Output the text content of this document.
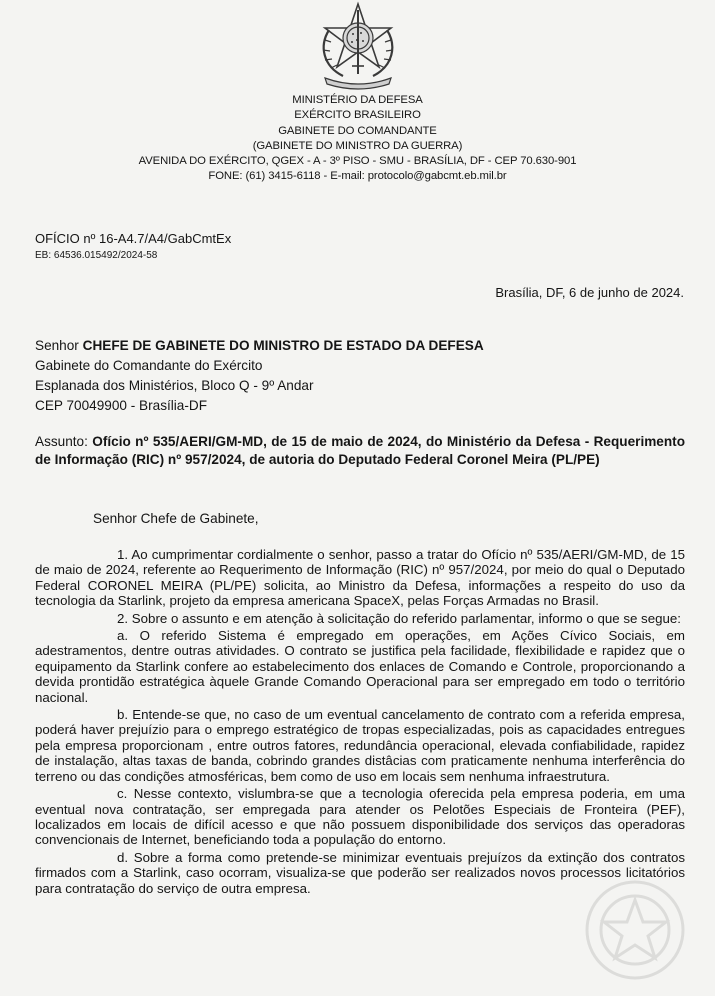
MINISTÉRIO DA DEFESA
EXÉRCITO BRASILEIRO
GABINETE DO COMANDANTE
(GABINETE DO MINISTRO DA GUERRA)
AVENIDA DO EXÉRCITO, QGEX - A - 3º PISO - SMU - BRASÍLIA, DF - CEP 70.630-901
FONE: (61) 3415-6118 - E-mail: protocolo@gabcmt.eb.mil.br
OFÍCIO nº 16-A4.7/A4/GabCmtEx
EB: 64536.015492/2024-58
Brasília, DF, 6 de junho de 2024.
Senhor CHEFE DE GABINETE DO MINISTRO DE ESTADO DA DEFESA
Gabinete do Comandante do Exército
Esplanada dos Ministérios, Bloco Q - 9º Andar
CEP 70049900 - Brasília-DF
Assunto: Ofício nº 535/AERI/GM-MD, de 15 de maio de 2024, do Ministério da Defesa - Requerimento de Informação (RIC) nº 957/2024, de autoria do Deputado Federal Coronel Meira (PL/PE)
Senhor Chefe de Gabinete,

1. Ao cumprimentar cordialmente o senhor, passo a tratar do Ofício nº 535/AERI/GM-MD, de 15 de maio de 2024, referente ao Requerimento de Informação (RIC) nº 957/2024, por meio do qual o Deputado Federal CORONEL MEIRA (PL/PE) solicita, ao Ministro da Defesa, informações a respeito do uso da tecnologia da Starlink, projeto da empresa americana SpaceX, pelas Forças Armadas no Brasil.

2. Sobre o assunto e em atenção à solicitação do referido parlamentar, informo o que se segue:

a. O referido Sistema é empregado em operações, em Ações Cívico Sociais, em adestramentos, dentre outras atividades. O contrato se justifica pela facilidade, flexibilidade e rapidez que o equipamento da Starlink confere ao estabelecimento dos enlaces de Comando e Controle, proporcionando a devida prontidão estratégica àquele Grande Comando Operacional para ser empregado em todo o território nacional.

b. Entende-se que, no caso de um eventual cancelamento de contrato com a referida empresa, poderá haver prejuízio para o emprego estratégico de tropas especializadas, pois as capacidades entregues pela empresa proporcionam , entre outros fatores, redundância operacional, elevada confiabilidade, rapidez de instalação, altas taxas de banda, cobrindo grandes distâcias com praticamente nenhuma interferência do terreno ou das condições atmosféricas, bem como de uso em locais sem nenhuma infraestrutura.

c. Nesse contexto, vislumbra-se que a tecnologia oferecida pela empresa poderia, em uma eventual nova contratação, ser empregada para atender os Pelotões Especiais de Fronteira (PEF), localizados em locais de difícil acesso e que não possuem disponibilidade dos serviços das operadoras convencionais de Internet, beneficiando toda a população do entorno.

d. Sobre a forma como pretende-se minimizar eventuais prejuízos da extinção dos contratos firmados com a Starlink, caso ocorram, visualiza-se que poderão ser realizados novos processos licitatórios para contratação do serviço de outra empresa.
